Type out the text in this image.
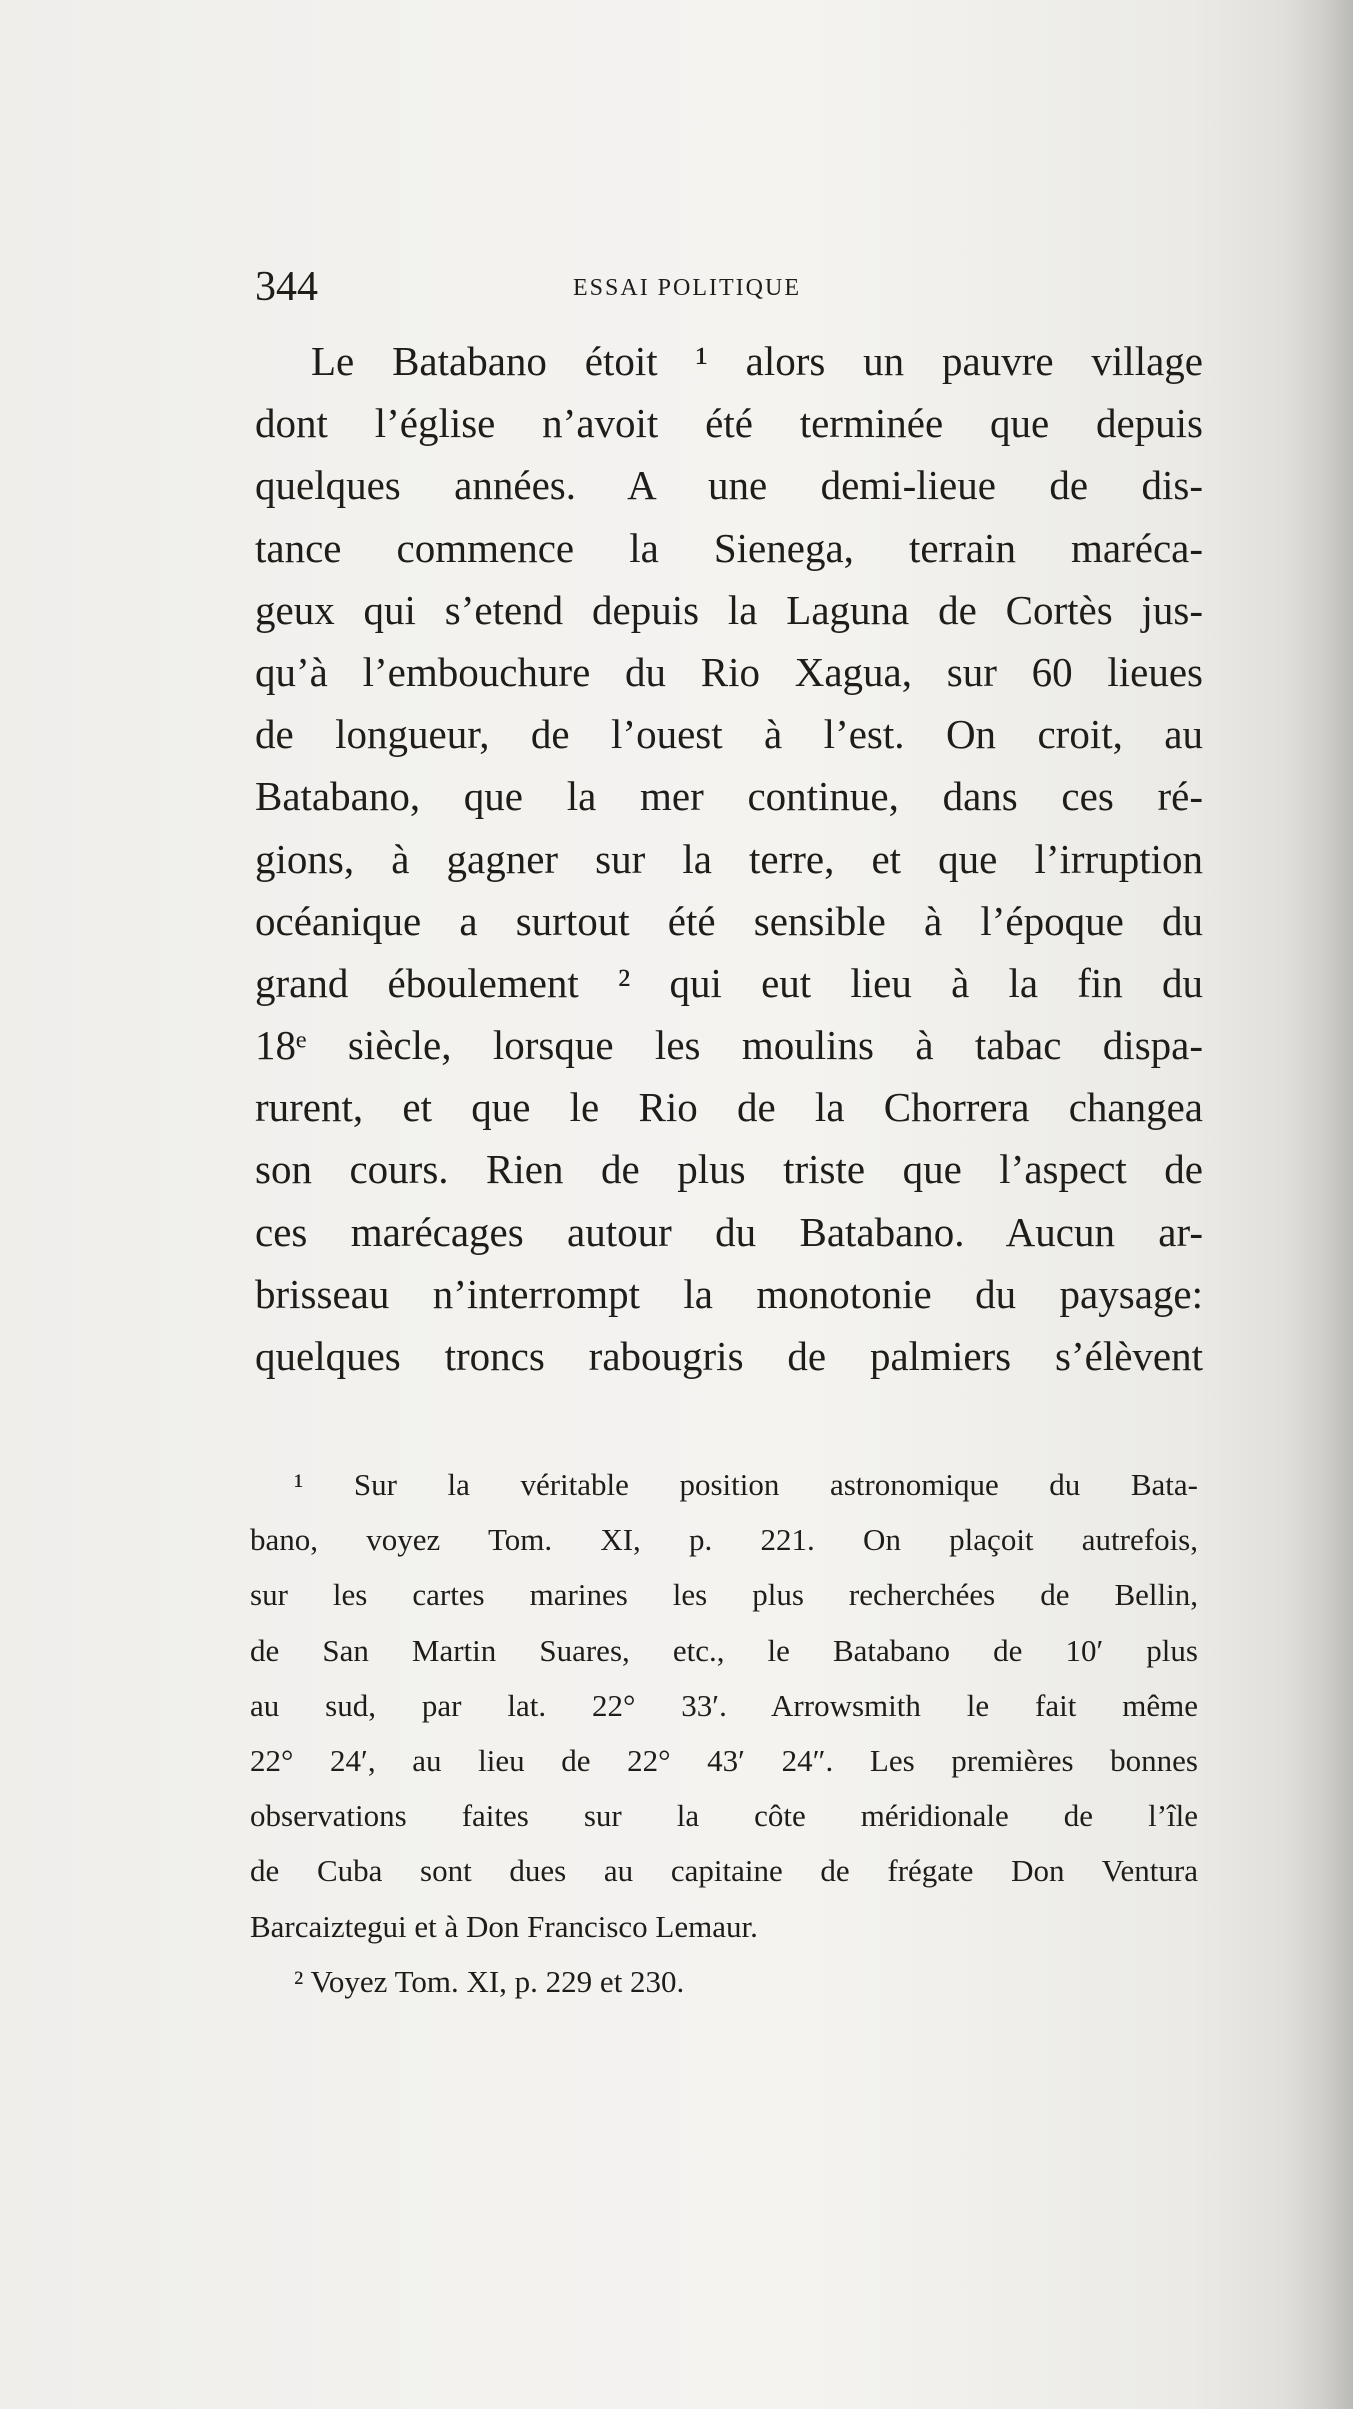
344	ESSAI POLITIQUE
Le Batabano étoit ¹ alors un pauvre village
dont l’église n’avoit été terminée que depuis
quelques années. A une demi-lieue de dis-
tance commence la Sienega, terrain maréca-
geux qui s’etend depuis la Laguna de Cortès jus-
qu’à l’embouchure du Rio Xagua, sur 60 lieues
de longueur, de l’ouest à l’est. On croit, au
Batabano, que la mer continue, dans ces ré-
gions, à gagner sur la terre, et que l’irruption
océanique a surtout été sensible à l’époque du
grand éboulement ² qui eut lieu à la fin du
18ᵉ siècle, lorsque les moulins à tabac dispa-
rurent, et que le Rio de la Chorrera changea
son cours. Rien de plus triste que l’aspect de
ces marécages autour du Batabano. Aucun ar-
brisseau n’interrompt la monotonie du paysage:
quelques troncs rabougris de palmiers s’élèvent
¹ Sur la véritable position astronomique du Bata-
bano, voyez Tom. XI, p. 221. On plaçoit autrefois,
sur les cartes marines les plus recherchées de Bellin,
de San Martin Suares, etc., le Batabano de 10′ plus
au sud, par lat. 22° 33′. Arrowsmith le fait même
22° 24′, au lieu de 22° 43′ 24″. Les premières bonnes
observations faites sur la côte méridionale de l’île
de Cuba sont dues au capitaine de frégate Don Ventura
Barcaiztegui et à Don Francisco Lemaur.
² Voyez Tom. XI, p. 229 et 230.
